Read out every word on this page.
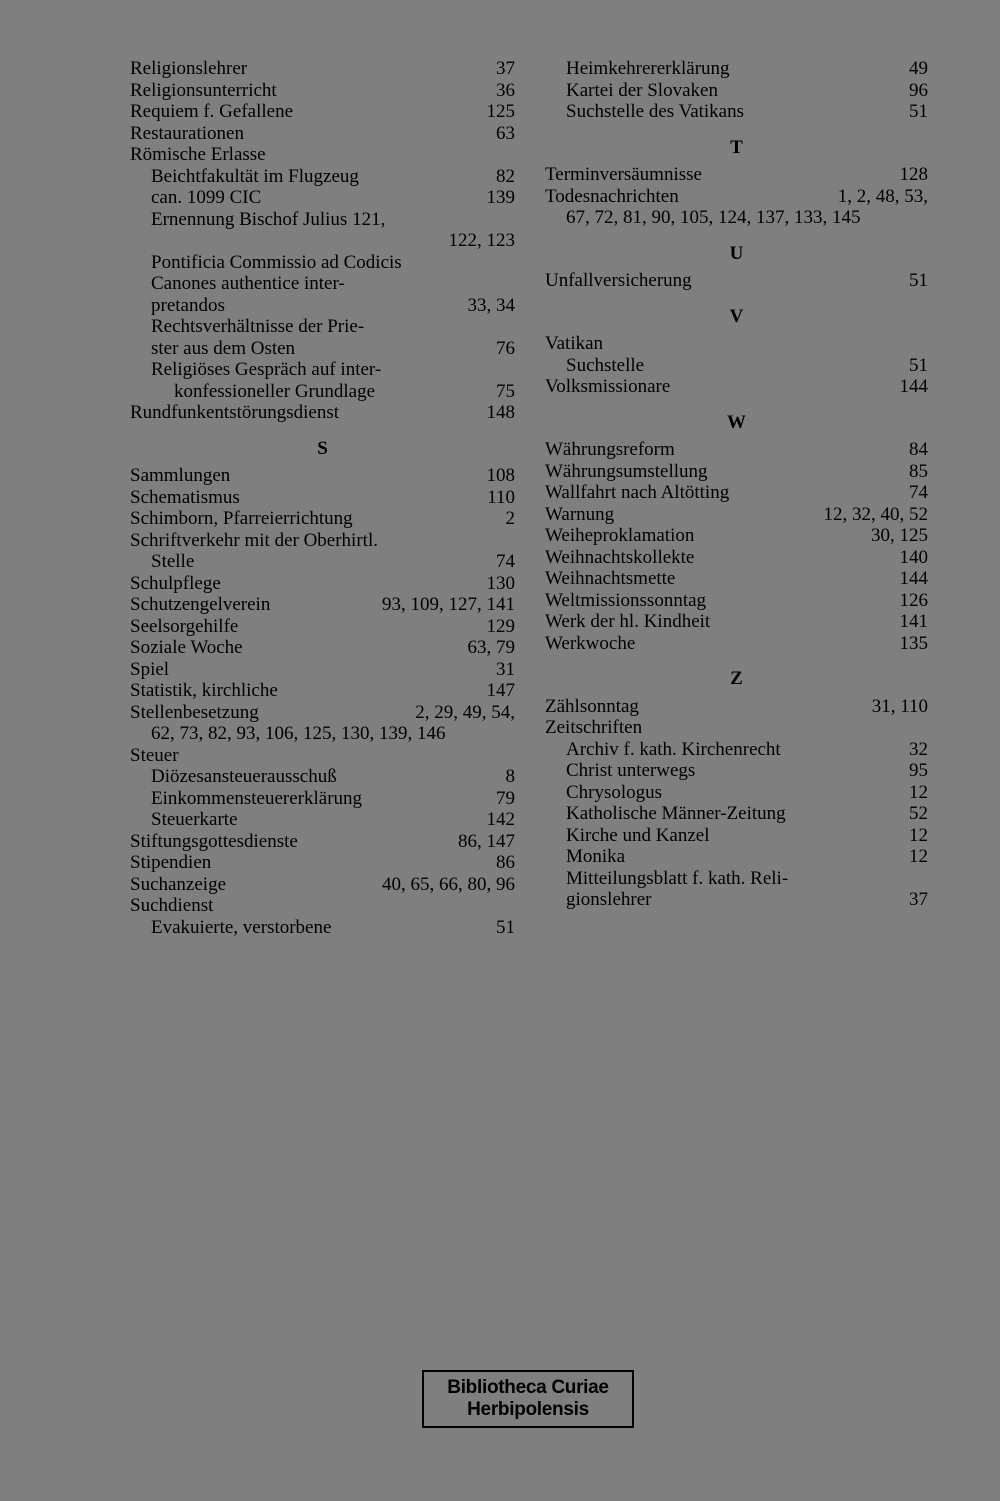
Religionslehrer	37
Religionsunterricht	36
Requiem f. Gefallene	125
Restaurationen	63
Römische Erlasse
Beichtfakultät im Flugzeug	82
can. 1099 CIC	139
Ernennung Bischof Julius 121,
122, 123
Pontificia Commissio ad Codicis
Canones authentice inter-
pretandos	33, 34
Rechtsverhältnisse der Prie-
ster aus dem Osten	76
Religiöses Gespräch auf inter-
konfessioneller Grundlage	75
Rundfunkentstörungsdienst	148
S
Sammlungen	108
Schematismus	110
Schimborn, Pfarreierrichtung	2
Schriftverkehr mit der Oberhirtl.
Stelle	74
Schulpflege	130
Schutzengelverein	93, 109, 127, 141
Seelsorgehilfe	129
Soziale Woche	63, 79
Spiel	31
Statistik, kirchliche	147
Stellenbesetzung	2, 29, 49, 54,
62, 73, 82, 93, 106, 125, 130, 139, 146
Steuer
Diözesansteuerausschuß	8
Einkommensteuererklärung	79
Steuerkarte	142
Stiftungsgottesdienste	86, 147
Stipendien	86
Suchanzeige	40, 65, 66, 80, 96
Suchdienst
Evakuierte, verstorbene	51
Heimkehrererklärung	49
Kartei der Slovaken	96
Suchstelle des Vatikans	51
T
Terminversäumnisse	128
Todesnachrichten	1, 2, 48, 53,
67, 72, 81, 90, 105, 124, 137, 133, 145
U
Unfallversicherung	51
V
Vatikan
Suchstelle	51
Volksmissionare	144
W
Währungsreform	84
Währungsumstellung	85
Wallfahrt nach Altötting	74
Warnung	12, 32, 40, 52
Weiheproklamation	30, 125
Weihnachtskollekte	140
Weihnachtsmette	144
Weltmissionssonntag	126
Werk der hl. Kindheit	141
Werkwoche	135
Z
Zählsonntag	31, 110
Zeitschriften
Archiv f. kath. Kirchenrecht	32
Christ unterwegs	95
Chrysologus	12
Katholische Männer-Zeitung	52
Kirche und Kanzel	12
Monika	12
Mitteilungsblatt f. kath. Reli-
gionslehrer	37
Bibliotheca Curiae
Herbipolensis
